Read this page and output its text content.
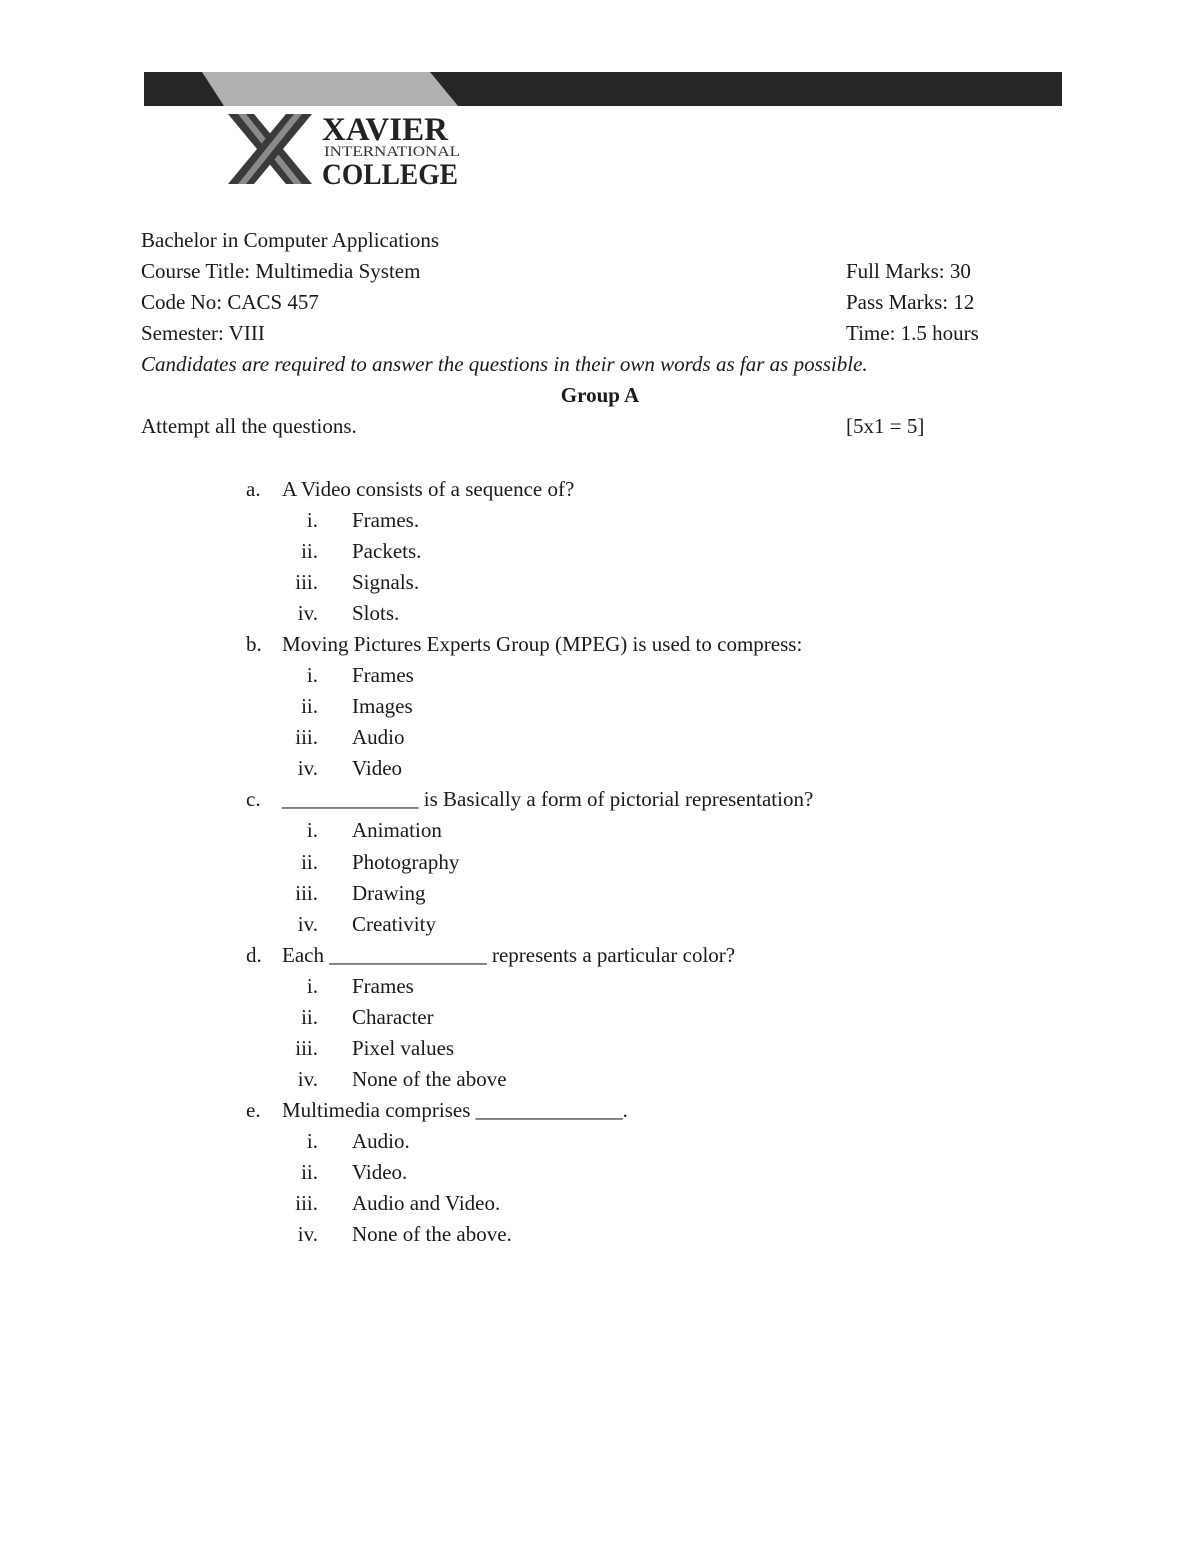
XAVIER
INTERNATIONAL
COLLEGE
Bachelor in Computer Applications
Course Title: Multimedia System	Full Marks: 30
Code No: CACS 457	Pass Marks: 12
Semester: VIII	Time: 1.5 hours
Candidates are required to answer the questions in their own words as far as possible.
Group A
Attempt all the questions.	[5x1 = 5]
a. A Video consists of a sequence of?
i. Frames.
ii. Packets.
iii. Signals.
iv. Slots.
b. Moving Pictures Experts Group (MPEG) is used to compress:
i. Frames
ii. Images
iii. Audio
iv. Video
c. _____________ is Basically a form of pictorial representation?
i. Animation
ii. Photography
iii. Drawing
iv. Creativity
d. Each _______________ represents a particular color?
i. Frames
ii. Character
iii. Pixel values
iv. None of the above
e. Multimedia comprises ______________.
i. Audio.
ii. Video.
iii. Audio and Video.
iv. None of the above.
